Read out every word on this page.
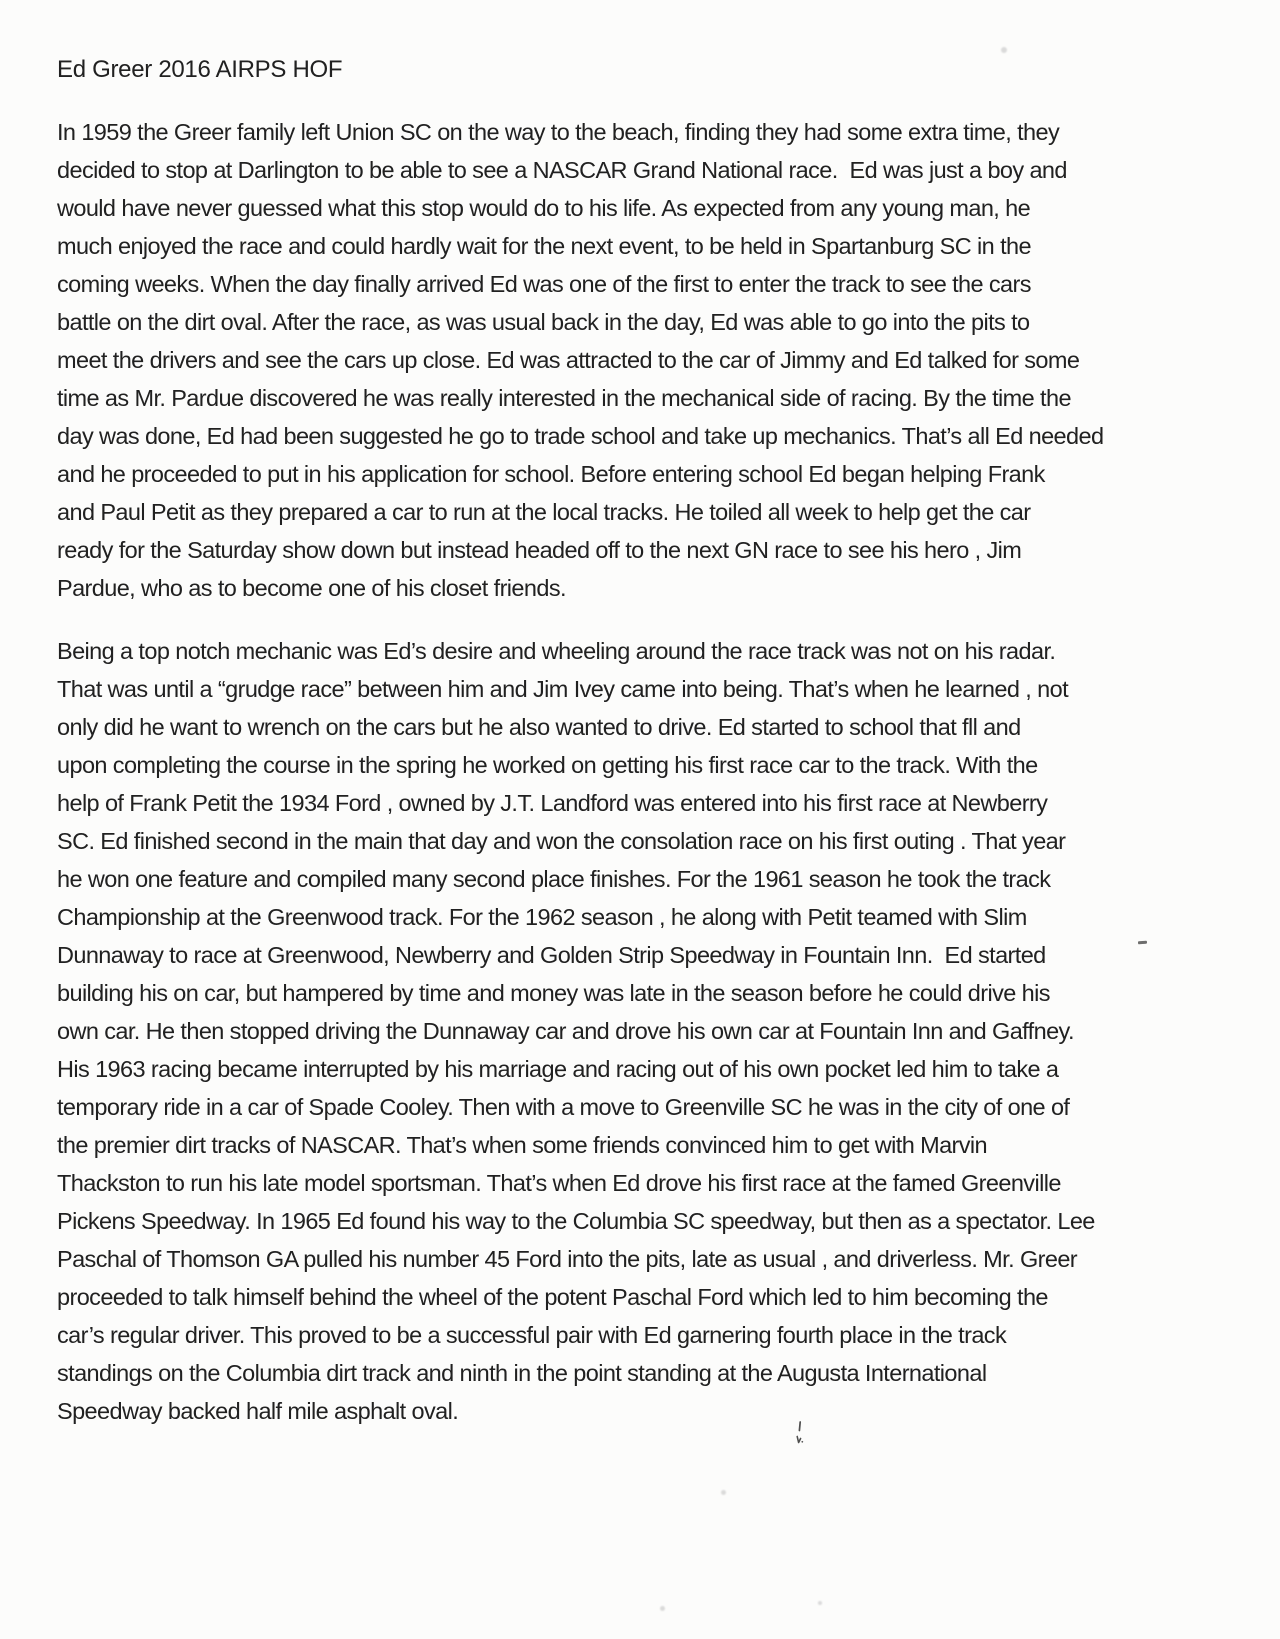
Ed Greer 2016 AIRPS HOF
In 1959 the Greer family left Union SC on the way to the beach, finding they had some extra time, they
decided to stop at Darlington to be able to see a NASCAR Grand National race.  Ed was just a boy and
would have never guessed what this stop would do to his life. As expected from any young man, he
much enjoyed the race and could hardly wait for the next event, to be held in Spartanburg SC in the
coming weeks. When the day finally arrived Ed was one of the first to enter the track to see the cars
battle on the dirt oval. After the race, as was usual back in the day, Ed was able to go into the pits to
meet the drivers and see the cars up close. Ed was attracted to the car of Jimmy and Ed talked for some
time as Mr. Pardue discovered he was really interested in the mechanical side of racing. By the time the
day was done, Ed had been suggested he go to trade school and take up mechanics. That’s all Ed needed
and he proceeded to put in his application for school. Before entering school Ed began helping Frank
and Paul Petit as they prepared a car to run at the local tracks. He toiled all week to help get the car
ready for the Saturday show down but instead headed off to the next GN race to see his hero , Jim
Pardue, who as to become one of his closet friends.
Being a top notch mechanic was Ed’s desire and wheeling around the race track was not on his radar.
That was until a “grudge race” between him and Jim Ivey came into being. That’s when he learned , not
only did he want to wrench on the cars but he also wanted to drive. Ed started to school that fll and
upon completing the course in the spring he worked on getting his first race car to the track. With the
help of Frank Petit the 1934 Ford , owned by J.T. Landford was entered into his first race at Newberry
SC. Ed finished second in the main that day and won the consolation race on his first outing . That year
he won one feature and compiled many second place finishes. For the 1961 season he took the track
Championship at the Greenwood track. For the 1962 season , he along with Petit teamed with Slim
Dunnaway to race at Greenwood, Newberry and Golden Strip Speedway in Fountain Inn.  Ed started
building his on car, but hampered by time and money was late in the season before he could drive his
own car. He then stopped driving the Dunnaway car and drove his own car at Fountain Inn and Gaffney.
His 1963 racing became interrupted by his marriage and racing out of his own pocket led him to take a
temporary ride in a car of Spade Cooley. Then with a move to Greenville SC he was in the city of one of
the premier dirt tracks of NASCAR. That’s when some friends convinced him to get with Marvin
Thackston to run his late model sportsman. That’s when Ed drove his first race at the famed Greenville
Pickens Speedway. In 1965 Ed found his way to the Columbia SC speedway, but then as a spectator. Lee
Paschal of Thomson GA pulled his number 45 Ford into the pits, late as usual , and driverless. Mr. Greer
proceeded to talk himself behind the wheel of the potent Paschal Ford which led to him becoming the
car’s regular driver. This proved to be a successful pair with Ed garnering fourth place in the track
standings on the Columbia dirt track and ninth in the point standing at the Augusta International
Speedway backed half mile asphalt oval.
